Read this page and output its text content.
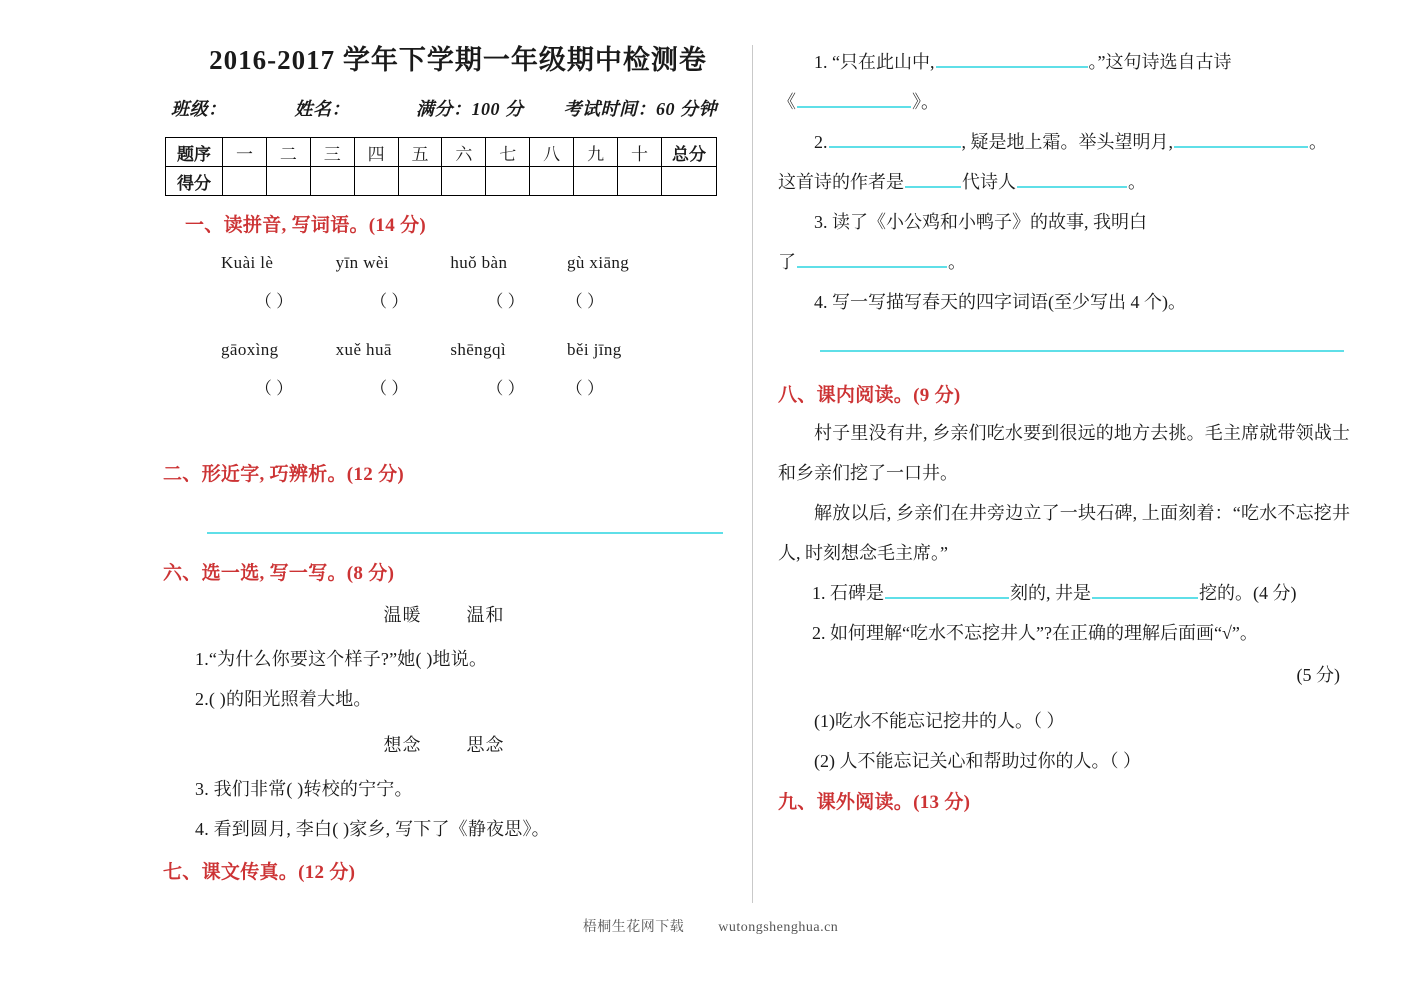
2016-2017 学年下学期一年级期中检测卷
班级：	姓名：	满分：100 分 考试时间：60 分钟
题序	一	二	三	四	五	六	七	八	九	十	总分
得分											
一、读拼音, 写词语。(14 分)
Kuài lè	yīn wèi	huǒ bàn	gù xiāng
（ ）	（ ）	（ ） （ ）
gāoxìng	xuě huā	shēngqì	běi jīng
（ ）	（ ）	（ ） （ ）
二、形近字, 巧辨析。(12 分)
六、选一选, 写一写。(8 分)
温暖	温和
1.“为什么你要这个样子?”她( )地说。
2.( )的阳光照着大地。
想念	思念
3. 我们非常( )转校的宁宁。
4. 看到圆月, 李白( )家乡, 写下了《静夜思》。
七、课文传真。(12 分)
1. “只在此山中,	。”这句诗选自古诗
《	》。
2.	, 疑是地上霜。举头望明月,	。
这首诗的作者是	代诗人	。
3. 读了《小公鸡和小鸭子》的故事, 我明白
了	。
4. 写一写描写春天的四字词语(至少写出 4 个)。
八、课内阅读。(9 分)
村子里没有井, 乡亲们吃水要到很远的地方去挑。毛主席就带领战士和乡亲们挖了一口井。
解放以后, 乡亲们在井旁边立了一块石碑, 上面刻着：“吃水不忘挖井人, 时刻想念毛主席。”
1. 石碑是	刻的, 井是	挖的。(4 分)
2. 如何理解“吃水不忘挖井人”?在正确的理解后面画“√”。
(5 分)
(1)吃水不能忘记挖井的人。（ ）
(2) 人不能忘记关心和帮助过你的人。（ ）
九、课外阅读。(13 分)
梧桐生花网下载 wutongshenghua.cn
